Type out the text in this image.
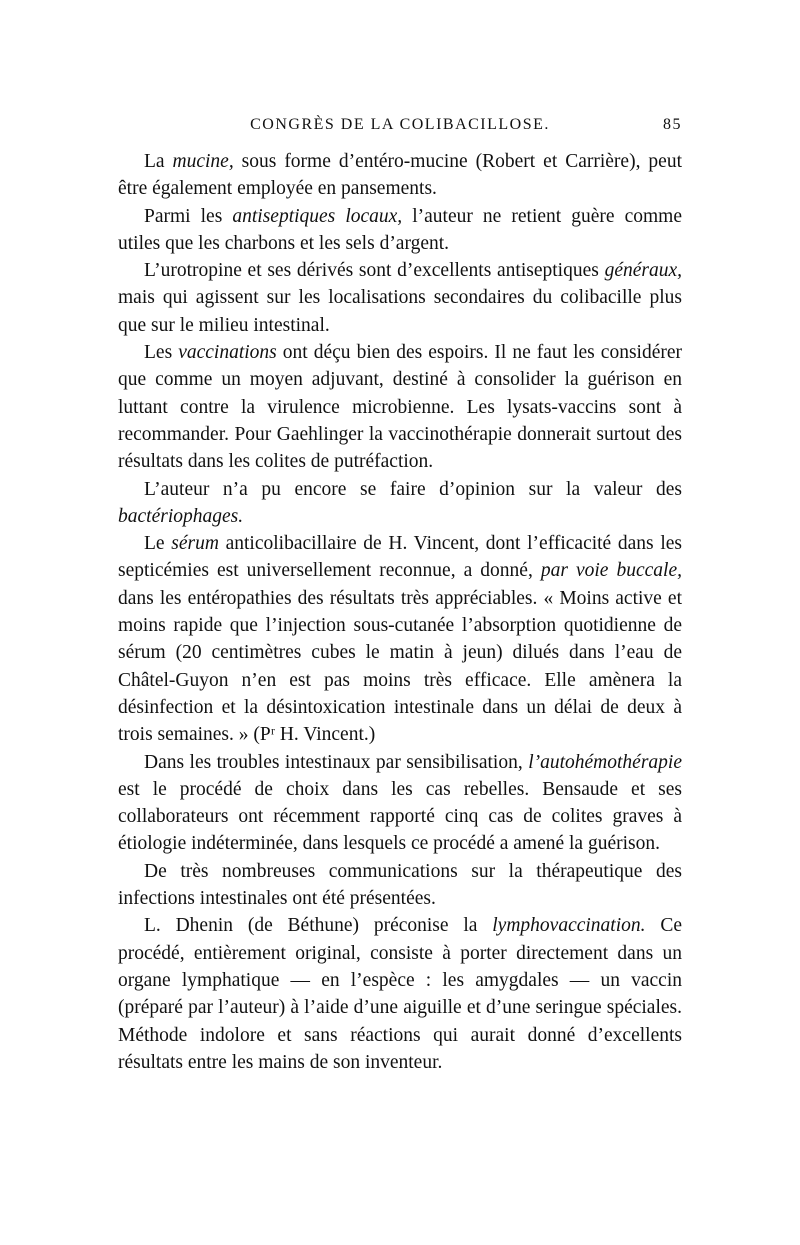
CONGRÈS DE LA COLIBACILLOSE.	85

La mucine, sous forme d’entéro-mucine (Robert et Carrière), peut être également employée en pansements.

Parmi les antiseptiques locaux, l’auteur ne retient guère comme utiles que les charbons et les sels d’argent.

L’urotropine et ses dérivés sont d’excellents antiseptiques généraux, mais qui agissent sur les localisations secondaires du colibacille plus que sur le milieu intestinal.

Les vaccinations ont déçu bien des espoirs. Il ne faut les considérer que comme un moyen adjuvant, destiné à consolider la guérison en luttant contre la virulence microbienne. Les lysats-vaccins sont à recommander. Pour Gaehlinger la vaccinothérapie donnerait surtout des résultats dans les colites de putréfaction.

L’auteur n’a pu encore se faire d’opinion sur la valeur des bactériophages.

Le sérum anticolibacillaire de H. Vincent, dont l’efficacité dans les septicémies est universellement reconnue, a donné, par voie buccale, dans les entéropathies des résultats très appréciables. « Moins active et moins rapide que l’injection sous-cutanée l’absorption quotidienne de sérum (20 centimètres cubes le matin à jeun) dilués dans l’eau de Châtel-Guyon n’en est pas moins très efficace. Elle amènera la désinfection et la désintoxication intestinale dans un délai de deux à trois semaines. » (Pʳ H. Vincent.)

Dans les troubles intestinaux par sensibilisation, l’autohémothérapie est le procédé de choix dans les cas rebelles. Bensaude et ses collaborateurs ont récemment rapporté cinq cas de colites graves à étiologie indéterminée, dans lesquels ce procédé a amené la guérison.

De très nombreuses communications sur la thérapeutique des infections intestinales ont été présentées.

L. Dhenin (de Béthune) préconise la lymphovaccination. Ce procédé, entièrement original, consiste à porter directement dans un organe lymphatique — en l’espèce : les amygdales — un vaccin (préparé par l’auteur) à l’aide d’une aiguille et d’une seringue spéciales. Méthode indolore et sans réactions qui aurait donné d’excellents résultats entre les mains de son inventeur.
